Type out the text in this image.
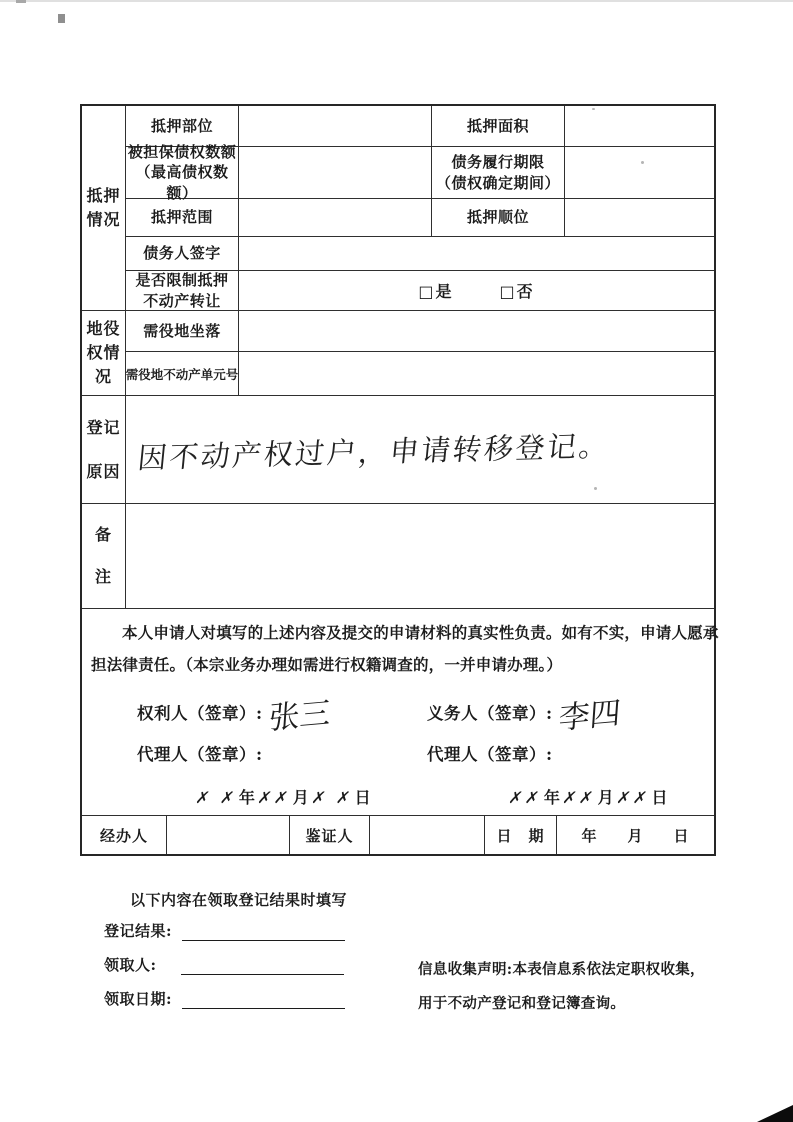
抵押情况
抵押部位	抵押面积
被担保债权数额
（最高债权数额）
债务履行期限
（债权确定期间）
抵押范围	抵押顺位
债务人签字
是否限制抵押
不动产转让	□是	□否
地役权情况
需役地坐落
需役地不动产单元号
登记原因 因不动产权过户，申请转移登记。
备注
本人申请人对填写的上述内容及提交的申请材料的真实性负责。如有不实，申请人愿承
担法律责任。（本宗业务办理如需进行权籍调查的，一并申请办理。）
权利人（签章）: 张三	义务人（签章）: 李四
代理人（签章）:	代理人（签章）:
✗ ✗年✗✗月✗ ✗日	✗✗年✗✗月✗✗日
经办人	鉴证人	日　期 年 月 日
以下内容在领取登记结果时填写
登记结果:
领取人:
领取日期:
信息收集声明:本表信息系依法定职权收集，
用于不动产登记和登记簿查询。
